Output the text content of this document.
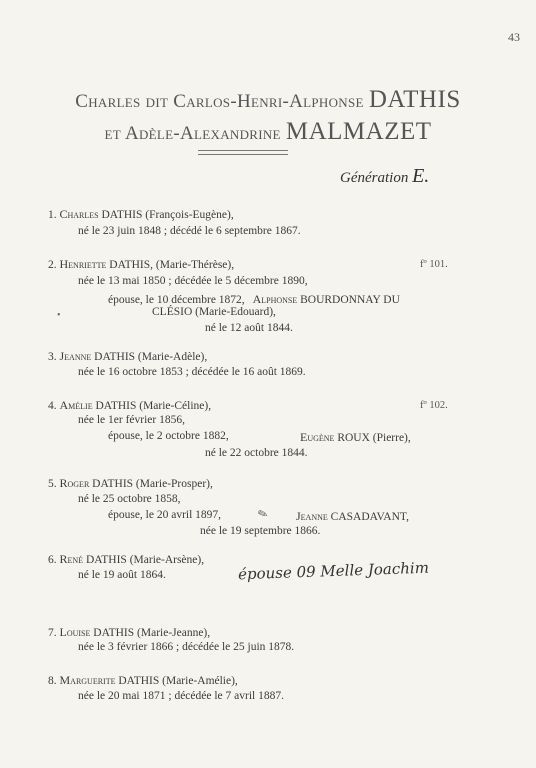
43
Charles dit Carlos-Henri-Alphonse DATHIS
et Adèle-Alexandrine MALMAZET
Génération E.
1. Charles DATHIS (François-Eugène),
né le 23 juin 1848 ; décédé le 6 septembre 1867.
2. Henriette DATHIS, (Marie-Thérèse),	fº 101.
née le 13 mai 1850 ; décédée le 5 décembre 1890,
épouse, le 10 décembre 1872, Alphonse BOURDONNAY DU
CLÉSIO (Marie-Edouard),
•
né le 12 août 1844.
3. Jeanne DATHIS (Marie-Adèle),
née le 16 octobre 1853 ; décédée le 16 août 1869.
4. Amélie DATHIS (Marie-Céline),	fº 102.
née le 1er février 1856,
épouse, le 2 octobre 1882,	Eugène ROUX (Pierre),
né le 22 octobre 1844.
5. Roger DATHIS (Marie-Prosper),
né le 25 octobre 1858,
épouse, le 20 avril 1897,	✎ Jeanne CASADAVANT,
née le 19 septembre 1866.
6. René DATHIS (Marie-Arsène),
né le 19 août 1864.	épouse 09 Melle Joachim
7. Louise DATHIS (Marie-Jeanne),
née le 3 février 1866 ; décédée le 25 juin 1878.
8. Marguerite DATHIS (Marie-Amélie),
née le 20 mai 1871 ; décédée le 7 avril 1887.
